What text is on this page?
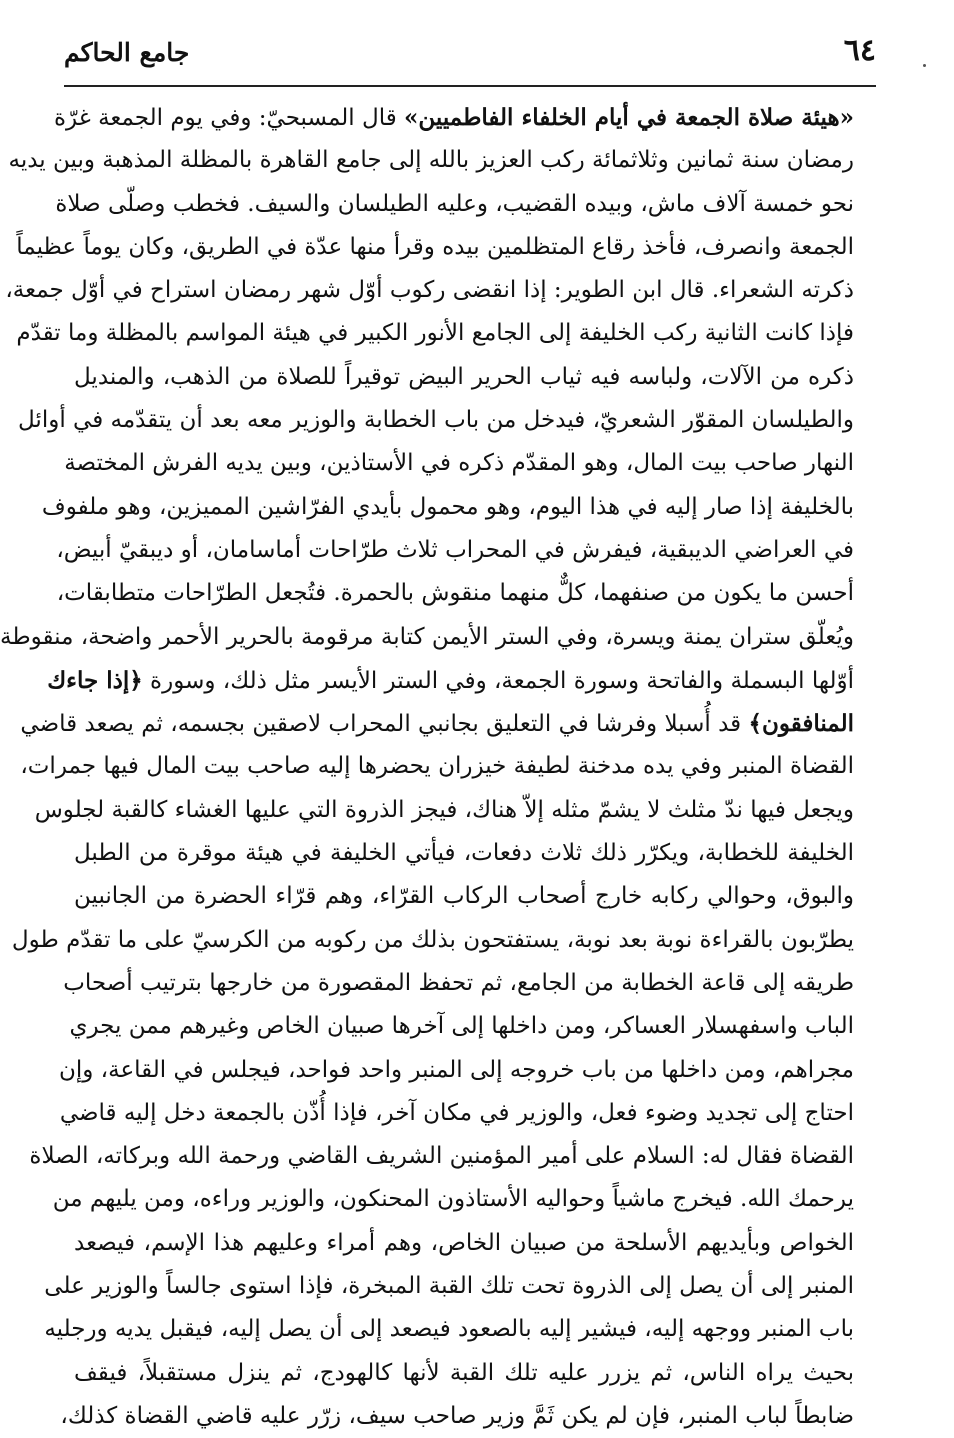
٦٤
جامع الحاكم
«هيئة صلاة الجمعة في أيام الخلفاء الفاطميين» قال المسبحيّ: وفي يوم الجمعة غرّة
رمضان سنة ثمانين وثلاثمائة ركب العزيز بالله إلى جامع القاهرة بالمظلة المذهبة وبين يديه
نحو خمسة آلاف ماش، وبيده القضيب، وعليه الطيلسان والسيف. فخطب وصلّى صلاة
الجمعة وانصرف، فأخذ رقاع المتظلمين بيده وقرأ منها عدّة في الطريق، وكان يوماً عظيماً
ذكرته الشعراء. قال ابن الطوير: إذا انقضى ركوب أوّل شهر رمضان استراح في أوّل جمعة،
فإذا كانت الثانية ركب الخليفة إلى الجامع الأنور الكبير في هيئة المواسم بالمظلة وما تقدّم
ذكره من الآلات، ولباسه فيه ثياب الحرير البيض توقيراً للصلاة من الذهب، والمنديل
والطيلسان المقوّر الشعريّ، فيدخل من باب الخطابة والوزير معه بعد أن يتقدّمه في أوائل
النهار صاحب بيت المال، وهو المقدّم ذكره في الأستاذين، وبين يديه الفرش المختصة
بالخليفة إذا صار إليه في هذا اليوم، وهو محمول بأيدي الفرّاشين المميزين، وهو ملفوف
في العراضي الديبقية، فيفرش في المحراب ثلاث طرّاحات أماسامان، أو ديبقيّ أبيض،
أحسن ما يكون من صنفهما، كلٌّ منهما منقوش بالحمرة. فتُجعل الطرّاحات متطابقات،
ويُعلّق ستران يمنة ويسرة، وفي الستر الأيمن كتابة مرقومة بالحرير الأحمر واضحة، منقوطة
أوّلها البسملة والفاتحة وسورة الجمعة، وفي الستر الأيسر مثل ذلك، وسورة ﴿إذا جاءك
المنافقون﴾ قد أُسبلا وفرشا في التعليق بجانبي المحراب لاصقين بجسمه، ثم يصعد قاضي
القضاة المنبر وفي يده مدخنة لطيفة خيزران يحضرها إليه صاحب بيت المال فيها جمرات،
ويجعل فيها ندّ مثلث لا يشمّ مثله إلاّ هناك، فيجز الذروة التي عليها الغشاء كالقبة لجلوس
الخليفة للخطابة، ويكرّر ذلك ثلاث دفعات، فيأتي الخليفة في هيئة موقرة من الطبل
والبوق، وحوالي ركابه خارج أصحاب الركاب القرّاء، وهم قرّاء الحضرة من الجانبين
يطرّبون بالقراءة نوبة بعد نوبة، يستفتحون بذلك من ركوبه من الكرسيّ على ما تقدّم طول
طريقه إلى قاعة الخطابة من الجامع، ثم تحفظ المقصورة من خارجها بترتيب أصحاب
الباب واسفهسلار العساكر، ومن داخلها إلى آخرها صبيان الخاص وغيرهم ممن يجري
مجراهم، ومن داخلها من باب خروجه إلى المنبر واحد فواحد، فيجلس في القاعة، وإن
احتاج إلى تجديد وضوء فعل، والوزير في مكان آخر، فإذا أُذّن بالجمعة دخل إليه قاضي
القضاة فقال له: السلام على أمير المؤمنين الشريف القاضي ورحمة الله وبركاته، الصلاة
يرحمك الله. فيخرج ماشياً وحواليه الأستاذون المحنكون، والوزير وراءه، ومن يليهم من
الخواص وبأيديهم الأسلحة من صبيان الخاص، وهم أمراء وعليهم هذا الإسم، فيصعد
المنبر إلى أن يصل إلى الذروة تحت تلك القبة المبخرة، فإذا استوى جالساً والوزير على
باب المنبر ووجهه إليه، فيشير إليه بالصعود فيصعد إلى أن يصل إليه، فيقبل يديه ورجليه
بحيث يراه الناس، ثم يزرر عليه تلك القبة لأنها كالهودج، ثم ينزل مستقبلاً، فيقف
ضابطاً لباب المنبر، فإن لم يكن ثَمَّ وزير صاحب سيف، زرّر عليه قاضي القضاة كذلك،
